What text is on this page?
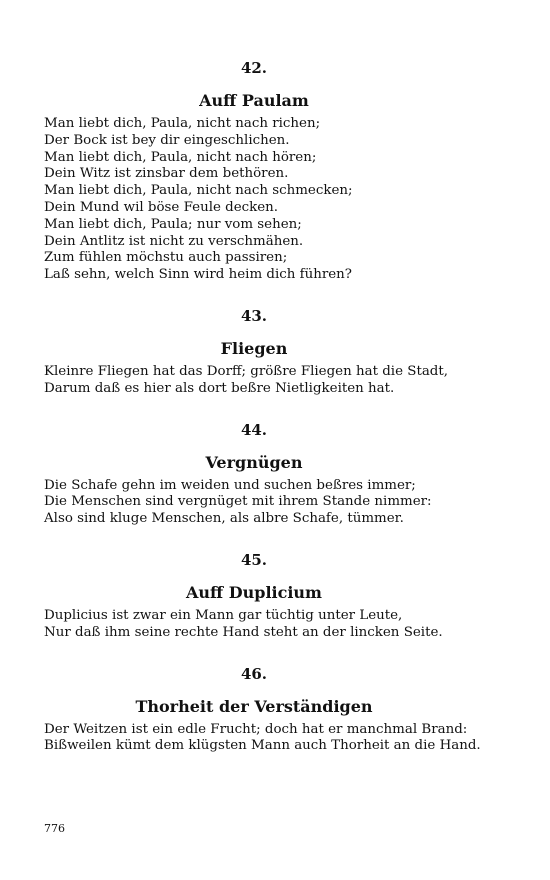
42.
Auff Paulam

Man liebt dich, Paula, nicht nach richen;

Der Bock ist bey dir eingeschlichen.

Man liebt dich, Paula, nicht nach hören;

Dein Witz ist zinsbar dem bethören.

Man liebt dich, Paula, nicht nach schmecken;

Dein Mund wil böse Feule decken.

Man liebt dich, Paula; nur vom sehen;

Dein Antlitz ist nicht zu verschmähen.

Zum fühlen möchstu auch passiren;

Laß sehn, welch Sinn wird heim dich führen?

43.
Fliegen

Kleinre Fliegen hat das Dorff; größre Fliegen hat die Stadt,

Darum daß es hier als dort beßre Nietligkeiten hat.

44.
Vergnügen

Die Schafe gehn im weiden und suchen beßres immer;

Die Menschen sind vergnüget mit ihrem Stande nimmer:

Also sind kluge Menschen, als albre Schafe, tümmer.

45.
Auff Duplicium

Duplicius ist zwar ein Mann gar tüchtig unter Leute,

Nur daß ihm seine rechte Hand steht an der lincken Seite.

46.
Thorheit der Verständigen

Der Weitzen ist ein edle Frucht; doch hat er manchmal Brand:

Bißweilen kümt dem klügsten Mann auch Thorheit an die Hand.

776
